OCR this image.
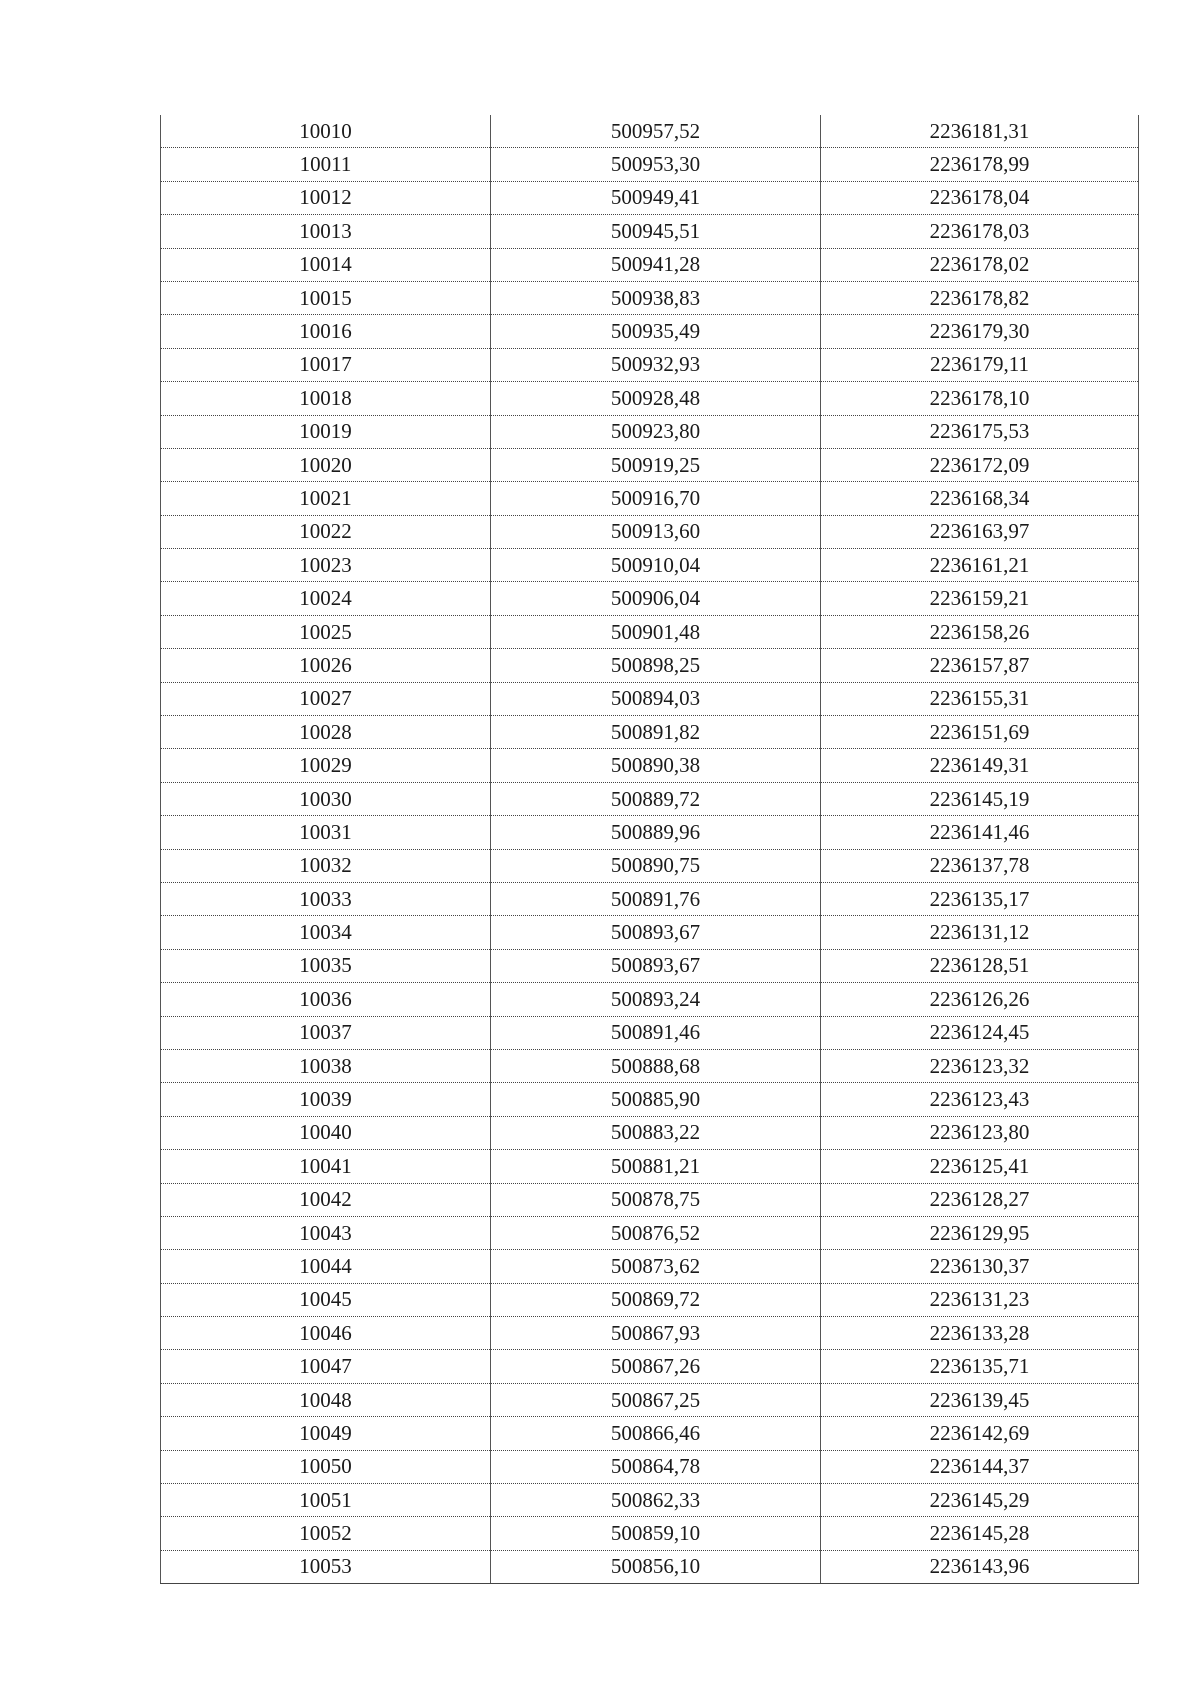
10010	500957,52	2236181,31
10011	500953,30	2236178,99
10012	500949,41	2236178,04
10013	500945,51	2236178,03
10014	500941,28	2236178,02
10015	500938,83	2236178,82
10016	500935,49	2236179,30
10017	500932,93	2236179,11
10018	500928,48	2236178,10
10019	500923,80	2236175,53
10020	500919,25	2236172,09
10021	500916,70	2236168,34
10022	500913,60	2236163,97
10023	500910,04	2236161,21
10024	500906,04	2236159,21
10025	500901,48	2236158,26
10026	500898,25	2236157,87
10027	500894,03	2236155,31
10028	500891,82	2236151,69
10029	500890,38	2236149,31
10030	500889,72	2236145,19
10031	500889,96	2236141,46
10032	500890,75	2236137,78
10033	500891,76	2236135,17
10034	500893,67	2236131,12
10035	500893,67	2236128,51
10036	500893,24	2236126,26
10037	500891,46	2236124,45
10038	500888,68	2236123,32
10039	500885,90	2236123,43
10040	500883,22	2236123,80
10041	500881,21	2236125,41
10042	500878,75	2236128,27
10043	500876,52	2236129,95
10044	500873,62	2236130,37
10045	500869,72	2236131,23
10046	500867,93	2236133,28
10047	500867,26	2236135,71
10048	500867,25	2236139,45
10049	500866,46	2236142,69
10050	500864,78	2236144,37
10051	500862,33	2236145,29
10052	500859,10	2236145,28
10053	500856,10	2236143,96
